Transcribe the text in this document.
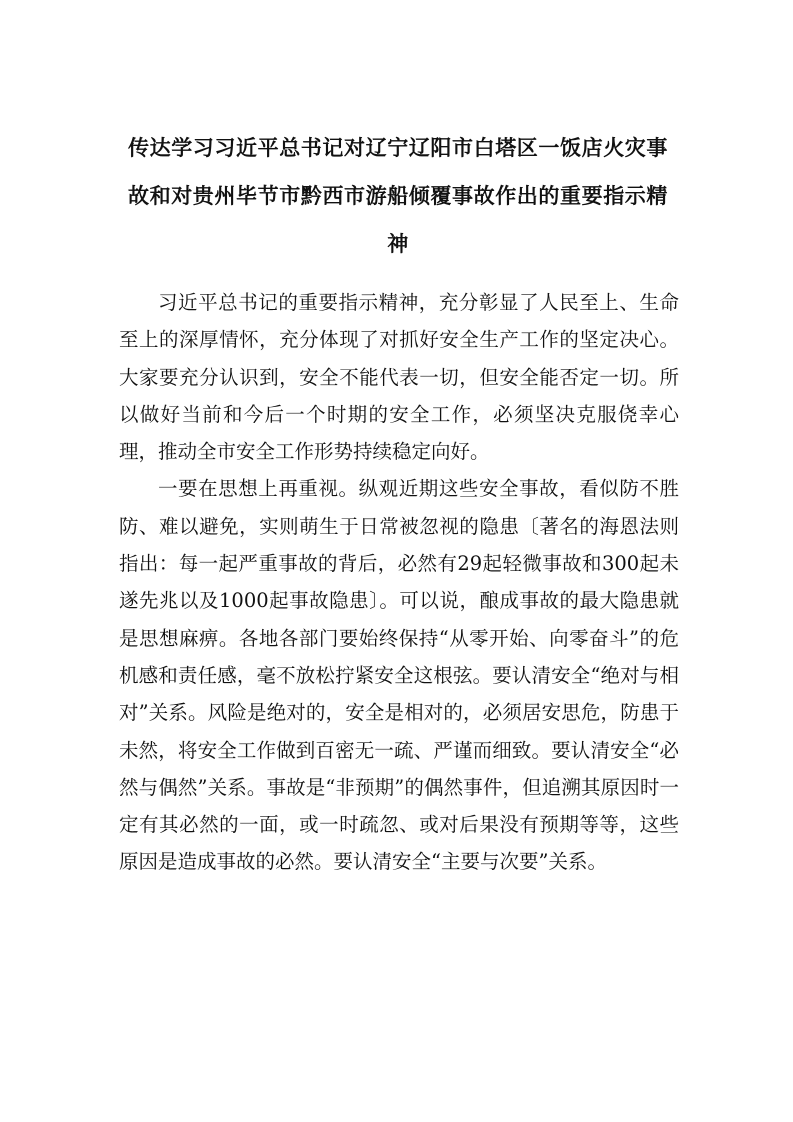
传达学习习近平总书记对辽宁辽阳市白塔区一饭店火灾事故和对贵州毕节市黔西市游船倾覆事故作出的重要指示精神

习近平总书记的重要指示精神，充分彰显了人民至上、生命至上的深厚情怀，充分体现了对抓好安全生产工作的坚定决心。大家要充分认识到，安全不能代表一切，但安全能否定一切。所以做好当前和今后一个时期的安全工作，必须坚决克服侥幸心理，推动全市安全工作形势持续稳定向好。

一要在思想上再重视。纵观近期这些安全事故，看似防不胜防、难以避免，实则萌生于日常被忽视的隐患〔著名的海恩法则指出：每一起严重事故的背后，必然有29起轻微事故和300起未遂先兆以及1000起事故隐患〕。可以说，酿成事故的最大隐患就是思想麻痹。各地各部门要始终保持“从零开始、向零奋斗”的危机感和责任感，毫不放松拧紧安全这根弦。要认清安全“绝对与相对”关系。风险是绝对的，安全是相对的，必须居安思危，防患于未然，将安全工作做到百密无一疏、严谨而细致。要认清安全“必然与偶然”关系。事故是“非预期”的偶然事件，但追溯其原因时一定有其必然的一面，或一时疏忽、或对后果没有预期等等，这些原因是造成事故的必然。要认清安全“主要与次要”关系。
